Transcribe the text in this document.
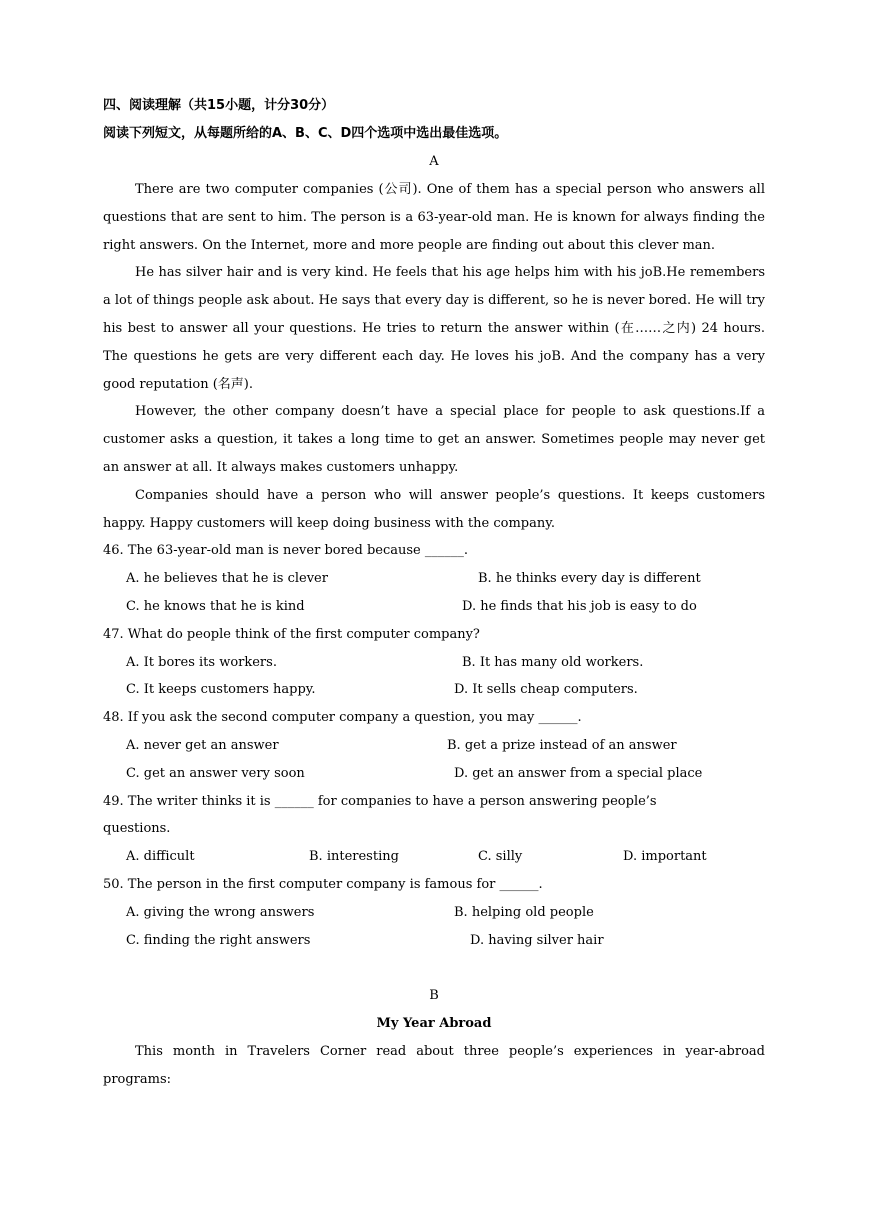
四、阅读理解（共15小题，计分30分）
阅读下列短文，从每题所给的A、B、C、D四个选项中选出最佳选项。
A

There are two computer companies (公司). One of them has a special person who answers all questions that are sent to him. The person is a 63-year-old man. He is known for always finding the right answers. On the Internet, more and more people are finding out about this clever man.

He has silver hair and is very kind. He feels that his age helps him with his joB.He remembers a lot of things people ask about. He says that every day is different, so he is never bored. He will try his best to answer all your questions. He tries to return the answer within (在……之内) 24 hours. The questions he gets are very different each day. He loves his joB. And the company has a very good reputation (名声).

However, the other company doesn’t have a special place for people to ask questions.If a customer asks a question, it takes a long time to get an answer. Sometimes people may never get an answer at all. It always makes customers unhappy.

Companies should have a person who will answer people’s questions. It keeps customers happy. Happy customers will keep doing business with the company.

46. The 63-year-old man is never bored because ______.
A. he believes that he is clever	B. he thinks every day is different
C. he knows that he is kind	D. he finds that his job is easy to do
47. What do people think of the first computer company?
A. It bores its workers.	B. It has many old workers.
C. It keeps customers happy.	D. It sells cheap computers.
48. If you ask the second computer company a question, you may ______.
A. never get an answer	B. get a prize instead of an answer
C. get an answer very soon	D. get an answer from a special place
49. The writer thinks it is ______ for companies to have a person answering people’s
questions.
A. difficult	B. interesting	C. silly	D. important
50. The person in the first computer company is famous for ______.
A. giving the wrong answers	B. helping old people
C. finding the right answers	D. having silver hair
B
My Year Abroad

This month in Travelers Corner read about three people’s experiences in year-abroad programs:
